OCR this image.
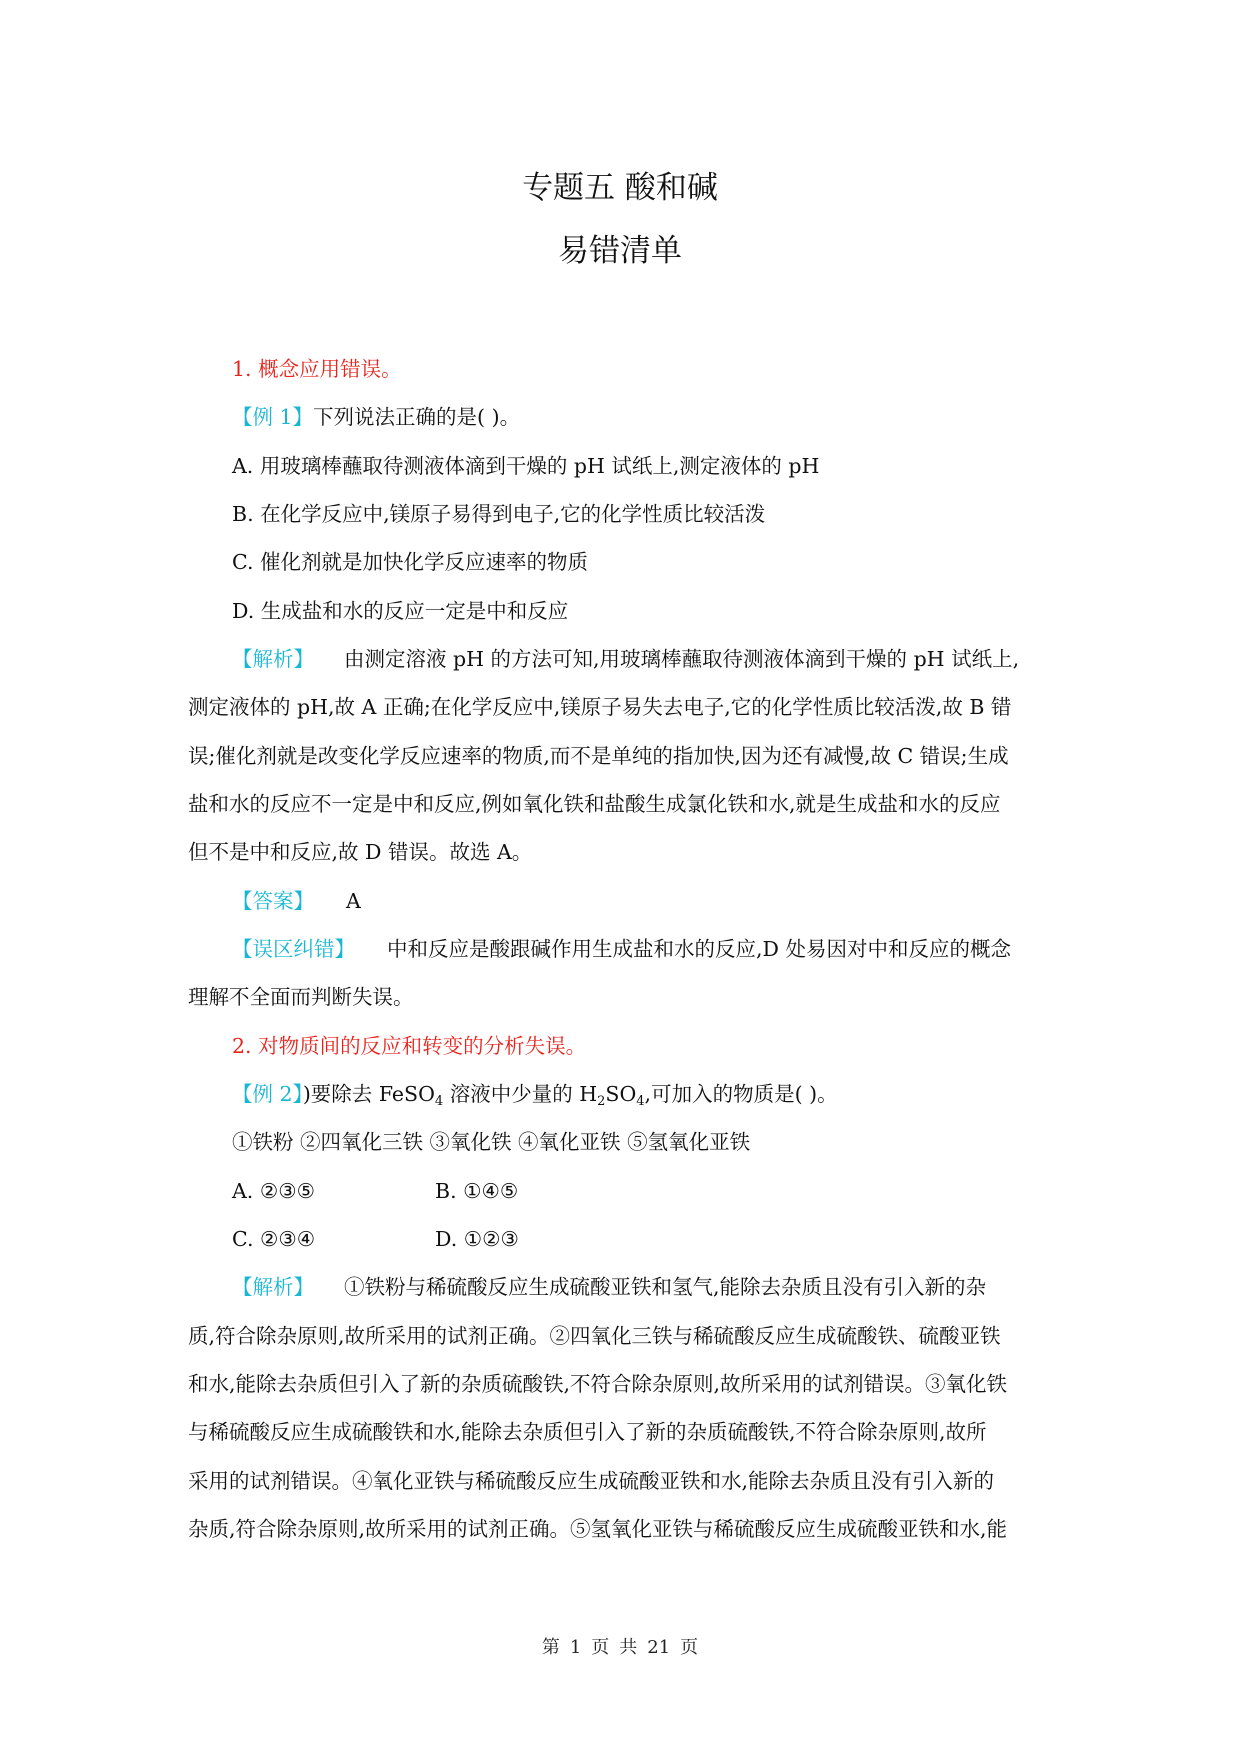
专题五 酸和碱
易错清单
1. 概念应用错误。
【例 1】下列说法正确的是( )。
A. 用玻璃棒蘸取待测液体滴到干燥的 pH 试纸上,测定液体的 pH
B. 在化学反应中,镁原子易得到电子,它的化学性质比较活泼
C. 催化剂就是加快化学反应速率的物质
D. 生成盐和水的反应一定是中和反应
【解析】 由测定溶液 pH 的方法可知,用玻璃棒蘸取待测液体滴到干燥的 pH 试纸上,
测定液体的 pH,故 A 正确;在化学反应中,镁原子易失去电子,它的化学性质比较活泼,故 B 错
误;催化剂就是改变化学反应速率的物质,而不是单纯的指加快,因为还有减慢,故 C 错误;生成
盐和水的反应不一定是中和反应,例如氧化铁和盐酸生成氯化铁和水,就是生成盐和水的反应
但不是中和反应,故 D 错误。故选 A。
【答案】 A
【误区纠错】 中和反应是酸跟碱作用生成盐和水的反应,D 处易因对中和反应的概念
理解不全面而判断失误。
2. 对物质间的反应和转变的分析失误。
【例 2】)要除去 FeSO$_4$ 溶液中少量的 $H_2SO_4$,可加入的物质是( )。
①铁粉 ②四氧化三铁 ③氧化铁 ④氧化亚铁 ⑤氢氧化亚铁
A. ②③⑤	B. ①④⑤
C. ②③④	D. ①②③
【解析】 ①铁粉与稀硫酸反应生成硫酸亚铁和氢气,能除去杂质且没有引入新的杂
质,符合除杂原则,故所采用的试剂正确。②四氧化三铁与稀硫酸反应生成硫酸铁、硫酸亚铁
和水,能除去杂质但引入了新的杂质硫酸铁,不符合除杂原则,故所采用的试剂错误。③氧化铁
与稀硫酸反应生成硫酸铁和水,能除去杂质但引入了新的杂质硫酸铁,不符合除杂原则,故所
采用的试剂错误。④氧化亚铁与稀硫酸反应生成硫酸亚铁和水,能除去杂质且没有引入新的
杂质,符合除杂原则,故所采用的试剂正确。⑤氢氧化亚铁与稀硫酸反应生成硫酸亚铁和水,能
第 1 页 共 21 页
